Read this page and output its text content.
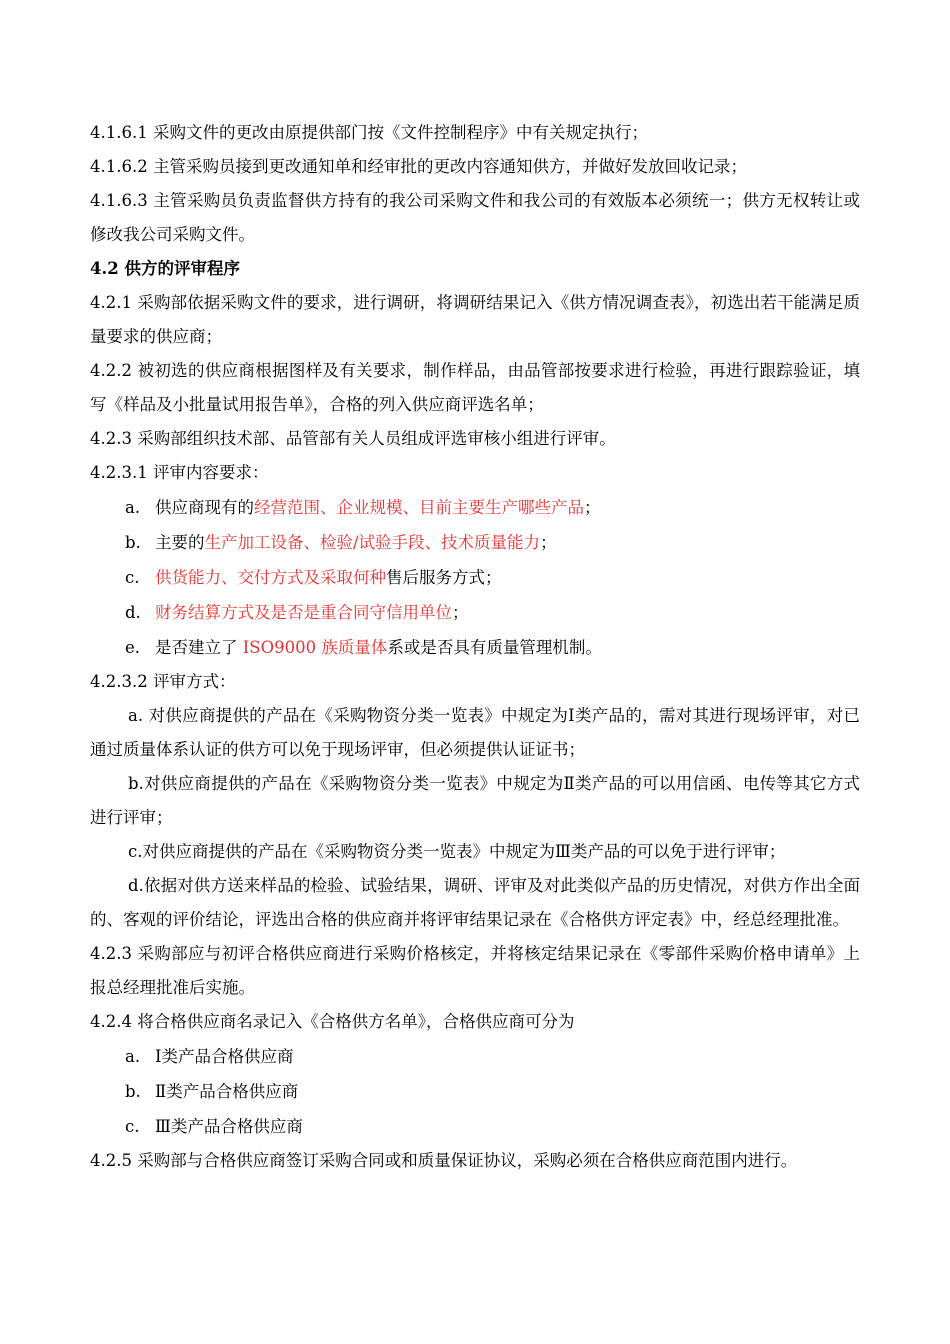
4.1.6.1 采购文件的更改由原提供部门按《文件控制程序》中有关规定执行；

4.1.6.2 主管采购员接到更改通知单和经审批的更改内容通知供方，并做好发放回收记录；

4.1.6.3 主管采购员负责监督供方持有的我公司采购文件和我公司的有效版本必须统一；供方无权转让或修改我公司采购文件。

4.2 供方的评审程序

4.2.1 采购部依据采购文件的要求，进行调研，将调研结果记入《供方情况调查表》，初选出若干能满足质量要求的供应商；

4.2.2 被初选的供应商根据图样及有关要求，制作样品，由品管部按要求进行检验，再进行跟踪验证，填写《样品及小批量试用报告单》，合格的列入供应商评选名单；

4.2.3 采购部组织技术部、品管部有关人员组成评选审核小组进行评审。

4.2.3.1 评审内容要求：

a. 供应商现有的经营范围、企业规模、目前主要生产哪些产品；

b. 主要的生产加工设备、检验/试验手段、技术质量能力；

c. 供货能力、交付方式及采取何种售后服务方式；

d. 财务结算方式及是否是重合同守信用单位；

e. 是否建立了 ISO9000 族质量体系或是否具有质量管理机制。

4.2.3.2 评审方式：

a. 对供应商提供的产品在《采购物资分类一览表》中规定为Ⅰ类产品的，需对其进行现场评审，对已通过质量体系认证的供方可以免于现场评审，但必须提供认证证书；

b.对供应商提供的产品在《采购物资分类一览表》中规定为Ⅱ类产品的可以用信函、电传等其它方式进行评审；

c.对供应商提供的产品在《采购物资分类一览表》中规定为Ⅲ类产品的可以免于进行评审；

d.依据对供方送来样品的检验、试验结果，调研、评审及对此类似产品的历史情况，对供方作出全面的、客观的评价结论，评选出合格的供应商并将评审结果记录在《合格供方评定表》中，经总经理批准。

4.2.3 采购部应与初评合格供应商进行采购价格核定，并将核定结果记录在《零部件采购价格申请单》上报总经理批准后实施。

4.2.4 将合格供应商名录记入《合格供方名单》，合格供应商可分为

a. Ⅰ类产品合格供应商

b. Ⅱ类产品合格供应商

c. Ⅲ类产品合格供应商

4.2.5 采购部与合格供应商签订采购合同或和质量保证协议，采购必须在合格供应商范围内进行。
